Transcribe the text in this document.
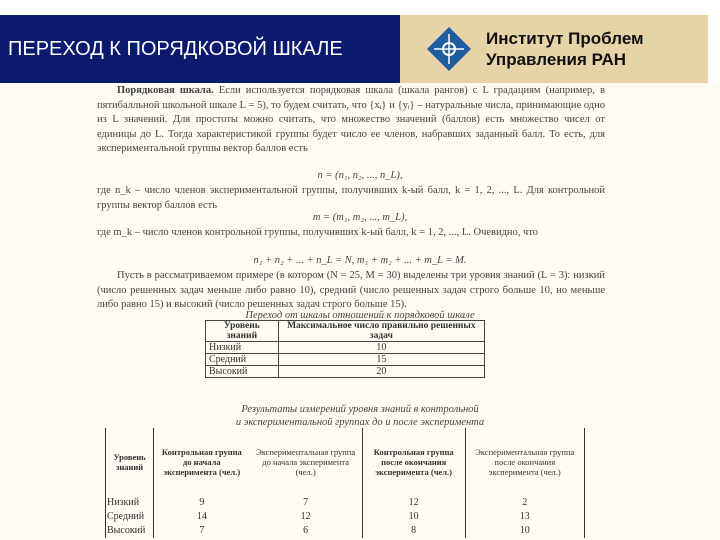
ПЕРЕХОД К ПОРЯДКОВОЙ ШКАЛЕ	Институт Проблем
Управления РАН
Порядковая шкала. Если используется порядковая шкала (шкала рангов) с L градациям (например, в пятибалльной школьной шкале L = 5), то будем считать, что {xᵢ} и {yᵢ} – натуральные числа, принимающие одно из L значений. Для простоты можно считать, что множество значений (баллов) есть множество чисел от единицы до L. Тогда характеристикой группы будет число ее членов, набравших заданный балл. То есть, для экспериментальной группы вектор баллов есть
n = (n₁, n₂, ..., n_L),
где n_k – число членов экспериментальной группы, получивших k-ый балл, k = 1, 2, ..., L. Для контрольной группы вектор баллов есть
m = (m₁, m₂, ..., m_L),
где m_k – число членов контрольной группы, получивших k-ый балл, k = 1, 2, ..., L. Очевидно, что
n₁ + n₂ + ... + n_L = N, m₁ + m₂ + ... + m_L = M.
Пусть в рассматриваемом примере (в котором (N = 25, M = 30) выделены три уровня знаний (L = 3): низкий (число решенных задач меньше либо равно 10), средний (число решенных задач строго больше 10, но меньше либо равно 15) и высокий (число решенных задач строго больше 15).
Переход от шкалы отношений к порядковой шкале
Уровень знаний	Максимальное число правильно решенных задач
Низкий	10
Средний	15
Высокий	20
Результаты измерений уровня знаний в контрольной
и экспериментальной группах до и после эксперимента
Уровень знаний	Контрольная группа до начала эксперимента (чел.)	Экспериментальная группа до начала эксперимента (чел.)	Контрольная группа после окончания эксперимента (чел.)	Экспериментальная группа после окончания эксперимента (чел.)
Низкий	9	7	12	2
Средний	14	12	10	13
Высокий	7	6	8	10
